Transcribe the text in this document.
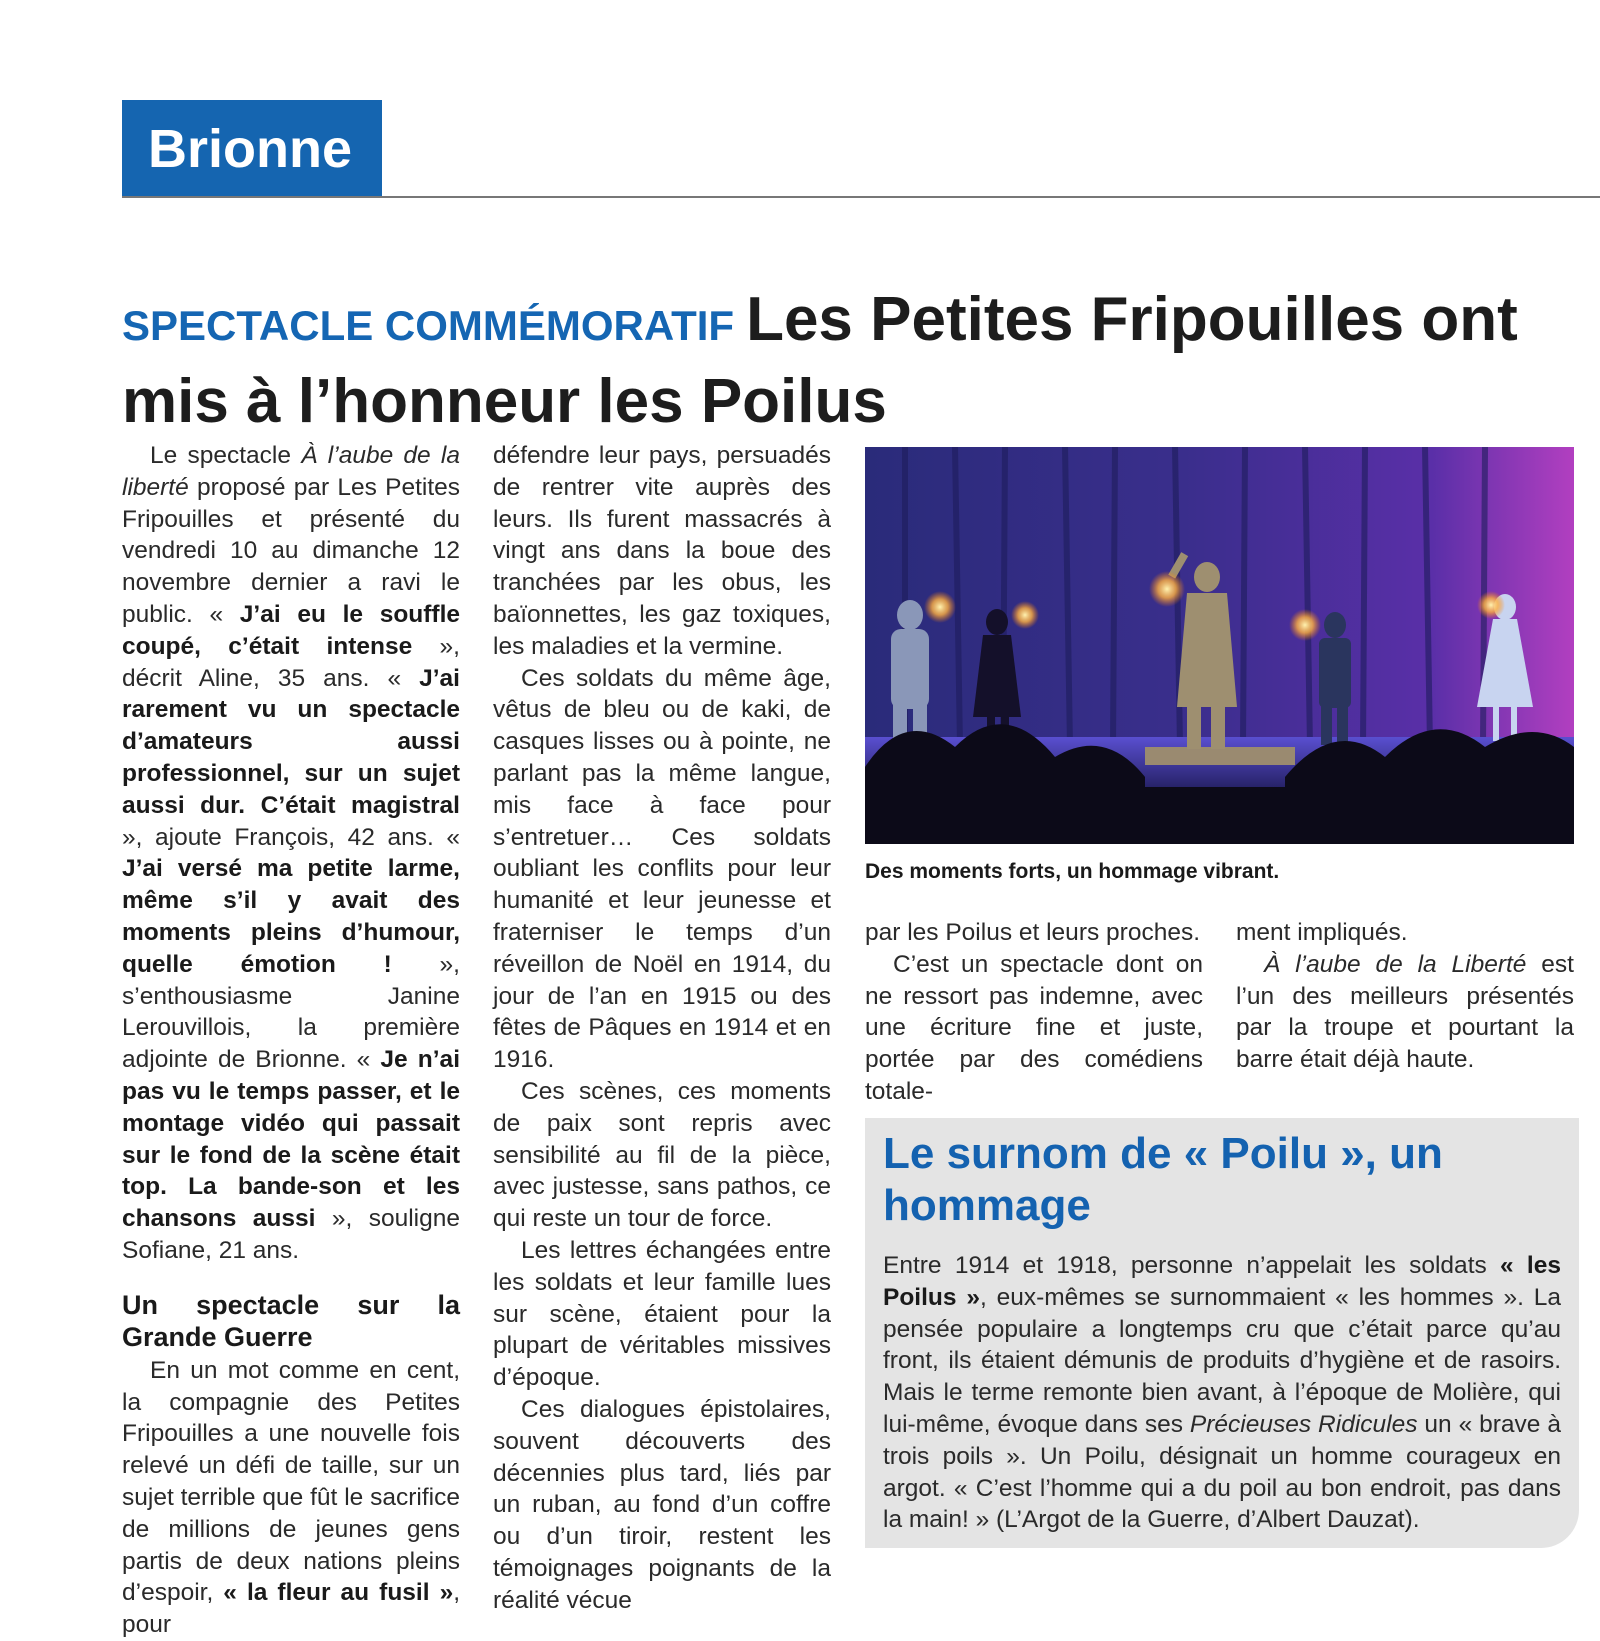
Brionne
SPECTACLE COMMÉMORATIF Les Petites Fripouilles ont mis à l’honneur les Poilus

Le spectacle À l’aube de la liberté proposé par Les Petites Fripouilles et présenté du vendredi 10 au dimanche 12 novembre dernier a ravi le public. « J’ai eu le souffle coupé, c’était intense », décrit Aline, 35 ans. « J’ai rarement vu un spectacle d’amateurs aussi professionnel, sur un sujet aussi dur. C’était magistral », ajoute François, 42 ans. « J’ai versé ma petite larme, même s’il y avait des moments pleins d’humour, quelle émotion ! », s’enthousiasme Janine Lerouvillois, la première adjointe de Brionne. « Je n’ai pas vu le temps passer, et le montage vidéo qui passait sur le fond de la scène était top. La bande-son et les chansons aussi », souligne Sofiane, 21 ans.

Un spectacle sur la Grande Guerre

En un mot comme en cent, la compagnie des Petites Fripouilles a une nouvelle fois relevé un défi de taille, sur un sujet terrible que fût le sacrifice de millions de jeunes gens partis de deux nations pleins d’espoir, « la fleur au fusil », pour

défendre leur pays, persuadés de rentrer vite auprès des leurs. Ils furent massacrés à vingt ans dans la boue des tranchées par les obus, les baïonnettes, les gaz toxiques, les maladies et la vermine.

Ces soldats du même âge, vêtus de bleu ou de kaki, de casques lisses ou à pointe, ne parlant pas la même langue, mis face à face pour s’entretuer… Ces soldats oubliant les conflits pour leur humanité et leur jeunesse et fraterniser le temps d’un réveillon de Noël en 1914, du jour de l’an en 1915 ou des fêtes de Pâques en 1914 et en 1916.

Ces scènes, ces moments de paix sont repris avec sensibilité au fil de la pièce, avec justesse, sans pathos, ce qui reste un tour de force.

Les lettres échangées entre les soldats et leur famille lues sur scène, étaient pour la plupart de véritables missives d’époque.

Ces dialogues épistolaires, souvent découverts des décennies plus tard, liés par un ruban, au fond d’un coffre ou d’un tiroir, restent les témoignages poignants de la réalité vécue

Des moments forts, un hommage vibrant.

par les Poilus et leurs proches.

C’est un spectacle dont on ne ressort pas indemne, avec une écriture fine et juste, portée par des comédiens totale-

ment impliqués.

À l’aube de la Liberté est l’un des meilleurs présentés par la troupe et pourtant la barre était déjà haute.

Le surnom de « Poilu », un hommage
Entre 1914 et 1918, personne n’appelait les soldats « les Poilus », eux-mêmes se surnommaient « les hommes ». La pensée populaire a longtemps cru que c’était parce qu’au front, ils étaient démunis de produits d’hygiène et de rasoirs. Mais le terme remonte bien avant, à l’époque de Molière, qui lui-même, évoque dans ses Précieuses Ridicules un « brave à trois poils ». Un Poilu, désignait un homme courageux en argot. « C’est l’homme qui a du poil au bon endroit, pas dans la main! » (L’Argot de la Guerre, d’Albert Dauzat).
